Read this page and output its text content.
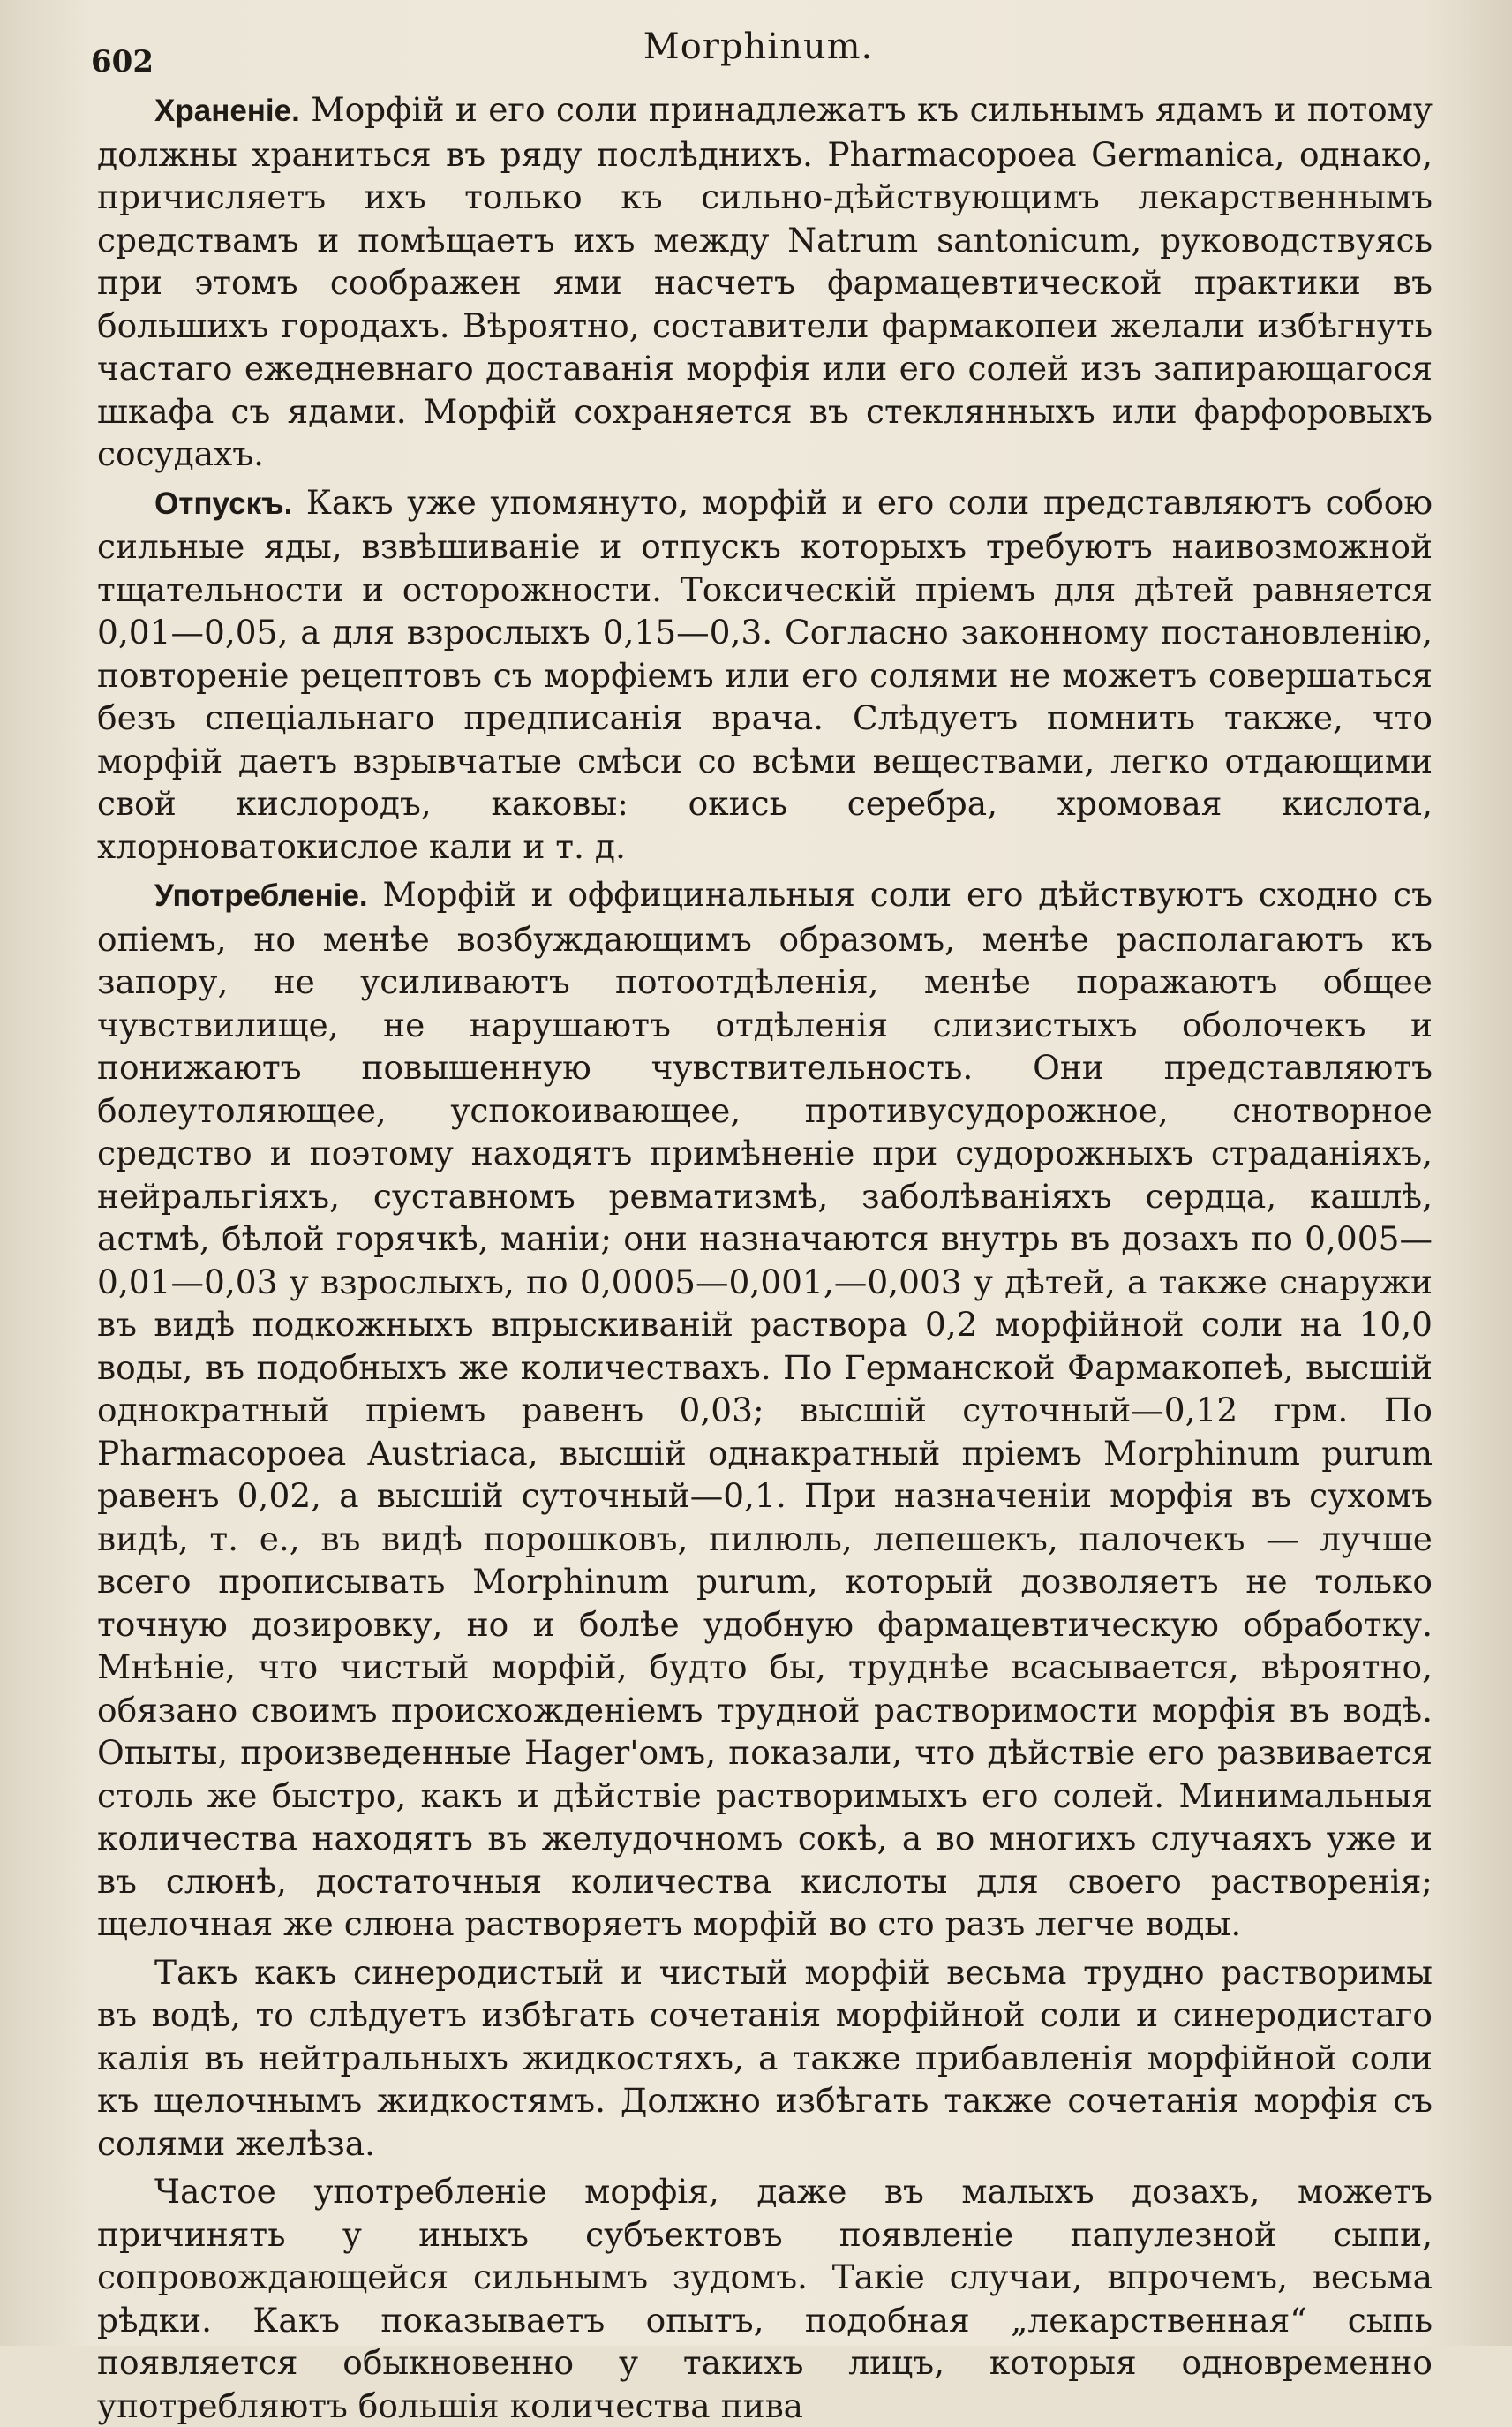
602	Morphinum.

Храненіе. Морфій и его соли принадлежатъ къ сильнымъ ядамъ и потому должны храниться въ ряду послѣднихъ. Pharmacopoea Germanica, однако, причисляетъ ихъ только къ сильно-дѣйствующимъ лекарственнымъ средствамъ и помѣщаетъ ихъ между Natrum santonicum, руководствуясь при этомъ соображен ями насчетъ фармацевтической практики въ большихъ городахъ. Вѣроятно, составители фармакопеи желали избѣгнуть частаго ежедневнаго доставанія морфія или его солей изъ запирающагося шкафа съ ядами. Морфій сохраняется въ стеклянныхъ или фарфоровыхъ сосудахъ.

Отпускъ. Какъ уже упомянуто, морфій и его соли представляютъ собою сильные яды, взвѣшиваніе и отпускъ которыхъ требуютъ наивозможной тщательности и осторожности. Токсическій пріемъ для дѣтей равняется 0,01—0,05, а для взрослыхъ 0,15—0,3. Согласно законному постановленію, повтореніе рецептовъ съ морфіемъ или его солями не можетъ совершаться безъ спеціальнаго предписанія врача. Слѣдуетъ помнить также, что морфій даетъ взрывчатые смѣси со всѣми веществами, легко отдающими свой кислородъ, каковы: окись серебра, хромовая кислота, хлорноватокислое кали и т. д.

Употребленіе. Морфій и оффицинальныя соли его дѣйствуютъ сходно съ опіемъ, но менѣе возбуждающимъ образомъ, менѣе располагаютъ къ запору, не усиливаютъ потоотдѣленія, менѣе поражаютъ общее чувствилище, не нарушаютъ отдѣленія слизистыхъ оболочекъ и понижаютъ повышенную чувствительность. Они представляютъ болеутоляющее, успокоивающее, противусудорожное, снотворное средство и поэтому находятъ примѣненіе при судорожныхъ страданіяхъ, нейральгіяхъ, суставномъ ревматизмѣ, заболѣваніяхъ сердца, кашлѣ, астмѣ, бѣлой горячкѣ, маніи; они назначаются внутрь въ дозахъ по 0,005—0,01—0,03 у взрослыхъ, по 0,0005—0,001,—0,003 у дѣтей, а также снаружи въ видѣ подкожныхъ впрыскиваній раствора 0,2 морфійной соли на 10,0 воды, въ подобныхъ же количествахъ. По Германской Фармакопеѣ, высшій однократный пріемъ равенъ 0,03; высшій суточный—0,12 грм. По Pharmacopoea Austriaca, высшій однакратный пріемъ Morphinum purum равенъ 0,02, а высшій суточный—0,1. При назначеніи морфія въ сухомъ видѣ, т. е., въ видѣ порошковъ, пилюль, лепешекъ, палочекъ — лучше всего прописывать Morphinum purum, который дозволяетъ не только точную дозировку, но и болѣе удобную фармацевтическую обработку. Мнѣніе, что чистый морфій, будто бы, труднѣе всасывается, вѣроятно, обязано своимъ происхожденіемъ трудной растворимости морфія въ водѣ. Опыты, произведенные Hager'омъ, показали, что дѣйствіе его развивается столь же быстро, какъ и дѣйствіе растворимыхъ его солей. Минимальныя количества находятъ въ желудочномъ сокѣ, а во многихъ случаяхъ уже и въ слюнѣ, достаточныя количества кислоты для своего растворенія; щелочная же слюна растворяетъ морфій во сто разъ легче воды.

Такъ какъ синеродистый и чистый морфій весьма трудно растворимы въ водѣ, то слѣдуетъ избѣгать сочетанія морфійной соли и синеродистаго калія въ нейтральныхъ жидкостяхъ, а также прибавленія морфійной соли къ щелочнымъ жидкостямъ. Должно избѣгать также сочетанія морфія съ солями желѣза.

Частое употребленіе морфія, даже въ малыхъ дозахъ, можетъ причинять у иныхъ субъектовъ появленіе папулезной сыпи, сопровождающейся сильнымъ зудомъ. Такіе случаи, впрочемъ, весьма рѣдки. Какъ показываетъ опытъ, подобная „лекарственная“ сыпь появляется обыкновенно у такихъ лицъ, которыя одновременно употребляютъ большія количества пива
